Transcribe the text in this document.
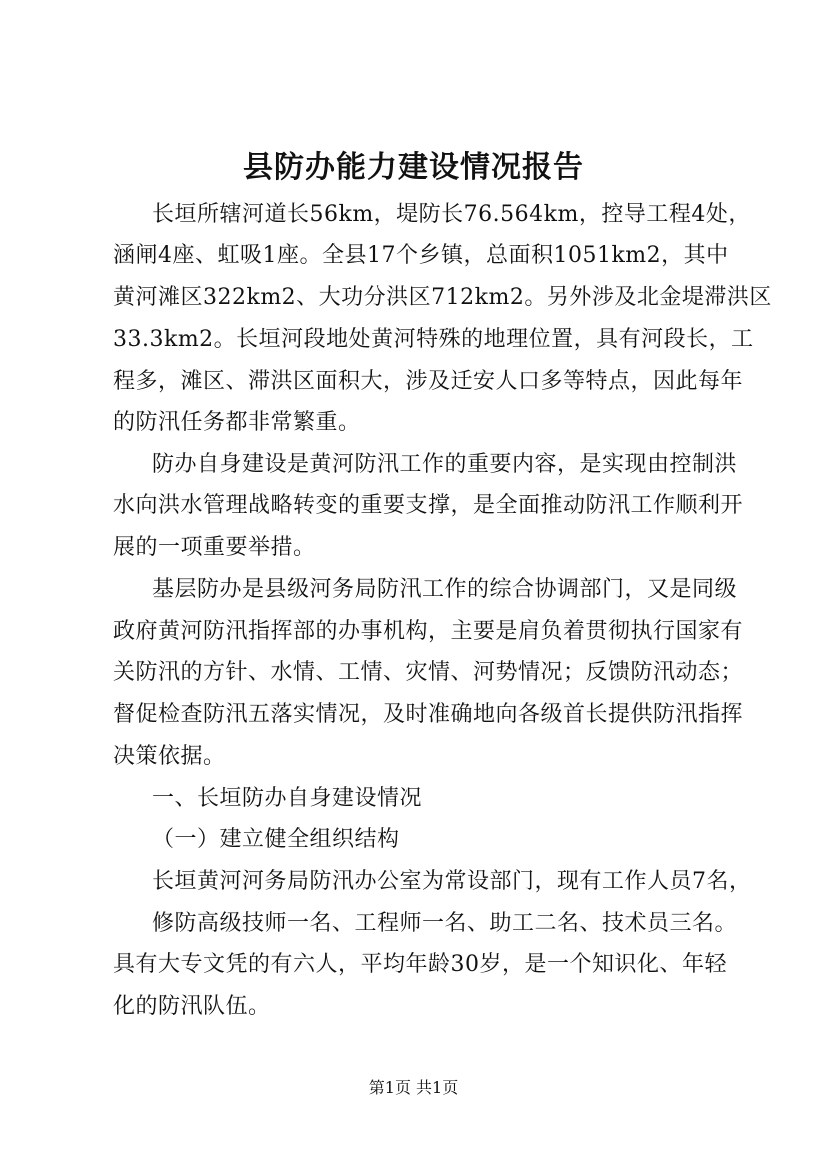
县防办能力建设情况报告
长垣所辖河道长56km，堤防长76.564km，控导工程4处，
涵闸4座、虹吸1座。全县17个乡镇，总面积1051km2，其中
黄河滩区322km2、大功分洪区712km2。另外涉及北金堤滞洪区
33.3km2。长垣河段地处黄河特殊的地理位置，具有河段长，工
程多，滩区、滞洪区面积大，涉及迁安人口多等特点，因此每年
的防汛任务都非常繁重。
防办自身建设是黄河防汛工作的重要内容，是实现由控制洪
水向洪水管理战略转变的重要支撑，是全面推动防汛工作顺利开
展的一项重要举措。
基层防办是县级河务局防汛工作的综合协调部门，又是同级
政府黄河防汛指挥部的办事机构，主要是肩负着贯彻执行国家有
关防汛的方针、水情、工情、灾情、河势情况；反馈防汛动态；
督促检查防汛五落实情况，及时准确地向各级首长提供防汛指挥
决策依据。
一、长垣防办自身建设情况
（一）建立健全组织结构
长垣黄河河务局防汛办公室为常设部门，现有工作人员7名，
修防高级技师一名、工程师一名、助工二名、技术员三名。
具有大专文凭的有六人，平均年龄30岁，是一个知识化、年轻
化的防汛队伍。
第1页 共1页
